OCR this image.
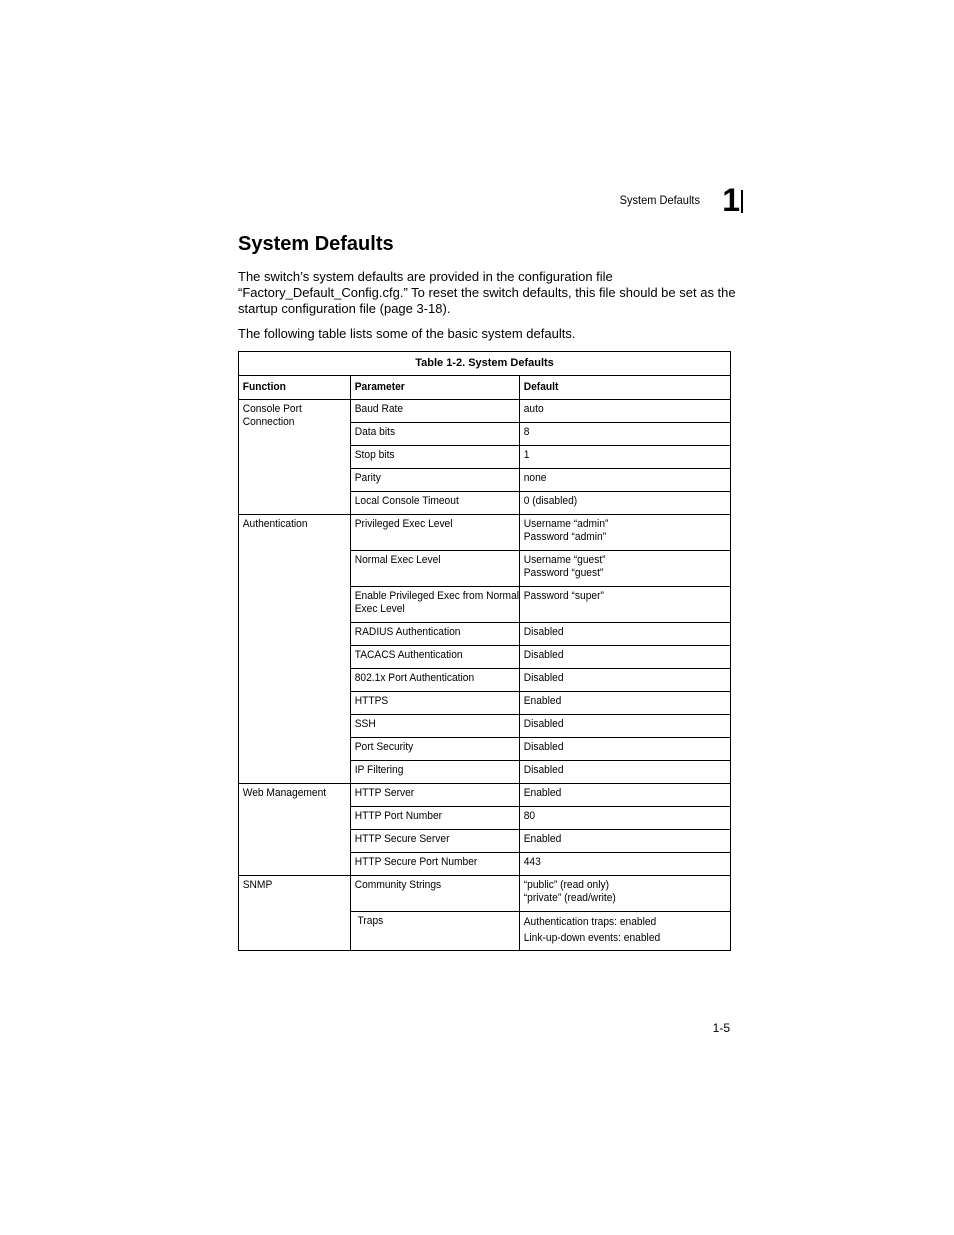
System Defaults 1
System Defaults

The switch’s system defaults are provided in the configuration file “Factory_Default_Config.cfg.” To reset the switch defaults, this file should be set as the startup configuration file (page 3-18).

The following table lists some of the basic system defaults.

Table 1-2. System Defaults		

Function	Parameter	Default

Console Port
Connection	Baud Rate	auto

	Data bits	8

	Stop bits	1

	Parity	none

	Local Console Timeout	0 (disabled)

Authentication	Privileged Exec Level	Username “admin”
Password “admin”

	Normal Exec Level	Username “guest”
Password “guest”

	Enable Privileged Exec from Normal
Exec Level	Password “super”

	RADIUS Authentication	Disabled

	TACACS Authentication	Disabled

	802.1x Port Authentication	Disabled

	HTTPS	Enabled

	SSH	Disabled

	Port Security	Disabled

	IP Filtering	Disabled

Web Management	HTTP Server	Enabled

	HTTP Port Number	80

	HTTP Secure Server	Enabled

	HTTP Secure Port Number	443

SNMP	Community Strings	“public” (read only)
“private” (read/write)

	Traps	Authentication traps: enabled
Link-up-down events: enabled
1-5
